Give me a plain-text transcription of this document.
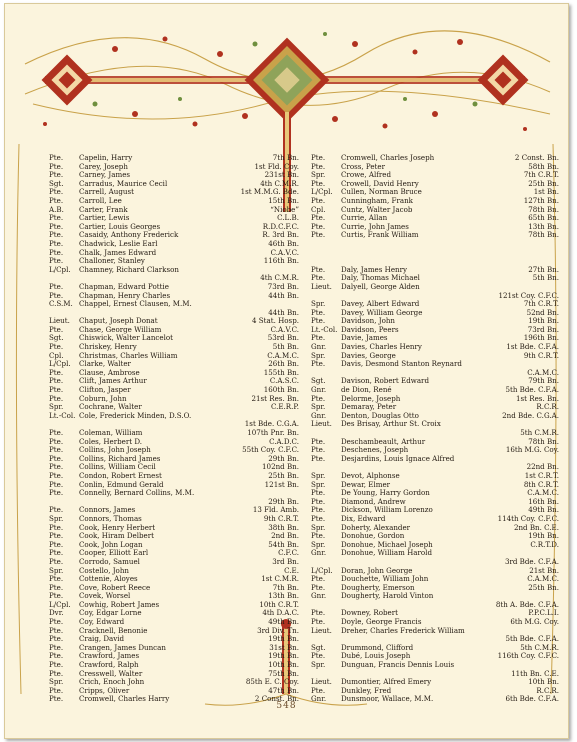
Pte.	Capelin, Harry	7th Bn.
Pte.	Carey, Joseph	1st Fld. Coy.
Pte.	Carney, James	231st Bn.
Sgt.	Carradus, Maurice Cecil	4th C.M.R.
Pte.	Carrell, August	1st M.M.G. Bde.
Pte.	Carroll, Lee	15th Bn.
A.B.	Carter, Frank	“Niobe”
Pte.	Cartier, Lewis	C.L.B.
Pte.	Cartier, Louis Georges	R.D.C.F.C.
Pte.	Casaidy, Anthony Frederick	R. 3rd Bn.
Pte.	Chadwick, Leslie Earl	46th Bn.
Pte.	Chalk, James Edward	C.A.V.C.
Pte.	Challoner, Stanley	116th Bn.
L/Cpl.	Chamney, Richard Clarkson
4th C.M.R.
Pte.	Chapman, Edward Pottie	73rd Bn.
Pte.	Chapman, Henry Charles	44th Bn.
C.S.M. Chappel, Ernest Clausen, M.M.
44th Bn.
Lieut.	Chaput, Joseph Donat	4 Stat. Hosp.
Pte.	Chase, George William	C.A.V.C.
Sgt.	Chiswick, Walter Lancelot	53rd Bn.
Pte.	Chriskey, Henry	5th Bn.
Cpl.	Christmas, Charles William	C.A.M.C.
L/Cpl.	Clarke, Walter	26th Bn.
Pte.	Clause, Ambrose	155th Bn.
Pte.	Clift, James Arthur	C.A.S.C.
Pte.	Clifton, Jasper	160th Bn.
Pte.	Coburn, John	21st Res. Bn.
Spr.	Cochrane, Walter	C.E.R.P.
Lt.-Col. Cole, Frederick Minden, D.S.O.
1st Bde. C.G.A.
Pte.	Coleman, William	107th Pnr. Bn.
Pte.	Coles, Herbert D.	C.A.D.C.
Pte.	Collins, John Joseph	55th Coy. C.F.C.
Pte.	Collins, Richard James	29th Bn.
Pte.	Collins, William Cecil	102nd Bn.
Pte.	Condon, Robert Ernest	25th Bn.
Pte.	Conlin, Edmund Gerald	121st Bn.
Pte.	Connelly, Bernard Collins, M.M.
29th Bn.
Pte.	Connors, James	13 Fld. Amb.
Spr.	Connors, Thomas	9th C.R.T.
Pte.	Cook, Henry Herbert	38th Bn.
Pte.	Cook, Hiram Delbert	2nd Bn.
Pte.	Cook, John Logan	54th Bn.
Pte.	Cooper, Elliott Earl	C.F.C.
Pte.	Corrodo, Samuel	3rd Bn.
Spr.	Costello, John	C.E.
Pte.	Cottenie, Aloyes	1st C.M.R.
Pte.	Cove, Robert Reece	7th Bn.
Pte.	Covek, Worsel	13th Bn.
L/Cpl.	Cowhig, Robert James	10th C.R.T.
Dvr.	Coy, Edgar Lorne	4th D.A.C.
Pte.	Coy, Edward	49th Bn.
Pte.	Cracknell, Benonie	3rd Div. Tn.
Pte.	Craig, David	19th Bn.
Pte.	Crangen, James Duncan	31st Bn.
Pte.	Crawford, James	19th Bn.
Pte.	Crawford, Ralph	10th Bn.
Pte.	Cresswell, Walter	75th Bn.
Spr.	Crich, Enoch John	85th E. C. Coy.
Pte.	Cripps, Oliver	47th Bn.
Pte.	Cromwell, Charles Harry	2 Const. Bn.
Pte.	Cromwell, Charles Joseph	2 Const. Bn.
Pte.	Cross, Peter	58th Bn.
Spr.	Crowe, Alfred	7th C.R.T.
Pte.	Crowell, David Henry	25th Bn.
L/Cpl.	Cullen, Norman Bruce	1st Bn.
Pte.	Cunningham, Frank	127th Bn.
Cpl.	Cuntz, Walter Jacob	78th Bn.
Pte.	Currie, Allan	65th Bn.
Pte.	Currie, John James	13th Bn.
Pte.	Curtis, Frank William	78th Bn.
Pte.	Daly, James Henry	27th Bn.
Pte.	Daly, Thomas Michael	5th Bn.
Lieut.	Dalyell, George Alden
121st Coy. C.F.C.
Spr.	Davey, Albert Edward	7th C.R.T.
Pte.	Davey, William George	52nd Bn.
Pte.	Davidson, John	19th Bn.
Lt.-Col. Davidson, Peers	73rd Bn.
Pte.	Davie, James	196th Bn.
Gnr.	Davies, Charles Henry	1st Bde. C.F.A.
Spr.	Davies, George	9th C.R.T.
Pte.	Davis, Desmond Stanton Reynard
C.A.M.C.
Sgt.	Davison, Robert Edward	79th Bn.
Gnr.	de Dion, René	5th Bde. C.F.A.
Pte.	Delorme, Joseph	1st Res. Bn.
Spr.	Demaray, Peter	R.C.R.
Gnr.	Denton, Douglas Otto	2nd Bde. C.G.A.
Lieut.	Des Brisay, Arthur St. Croix
5th C.M.R.
Pte.	Deschambeault, Arthur	78th Bn.
Pte.	Deschenes, Joseph	16th M.G. Coy.
Pte.	Desjardins, Louis Ignace Alfred
22nd Bn.
Spr.	Devot, Alphonse	1st C.R.T.
Spr.	Dewar, Elmer	8th C.R.T.
Pte.	De Young, Harry Gordon	C.A.M.C.
Pte.	Diamond, Andrew	16th Bn.
Pte.	Dickson, William Lorenzo	49th Bn.
Pte.	Dix, Edward	114th Coy. C.F.C.
Spr.	Doherty, Alexander	2nd Bn. C.E.
Pte.	Donohue, Gordon	19th Bn.
Spr.	Donohue, Michael Joseph	C.R.T.D.
Gnr.	Donohue, William Harold
3rd Bde. C.F.A.
L/Cpl.	Doran, John George	21st Bn.
Pte.	Douchette, William John	C.A.M.C.
Pte.	Dougherty, Emerson	25th Bn.
Gnr.	Dougherty, Harold Vinton
8th A. Bde. C.F.A.
Pte.	Downey, Robert	P.P.C.L.I.
Pte.	Doyle, George Francis	6th M.G. Coy.
Lieut.	Dreher, Charles Frederick William
5th Bde. C.F.A.
Sgt.	Drummond, Clifford	5th C.M.R.
Pte.	Dubé, Louis Joseph	116th Coy. C.F.C.
Spr.	Dunguan, Francis Dennis Louis
11th Bn. C.E.
Lieut.	Dumontier, Alfred Emery	10th Bn.
Pte.	Dunkley, Fred	R.C.R.
Gnr.	Dunsmoor, Wallace, M.M.	6th Bde. C.F.A.
548
